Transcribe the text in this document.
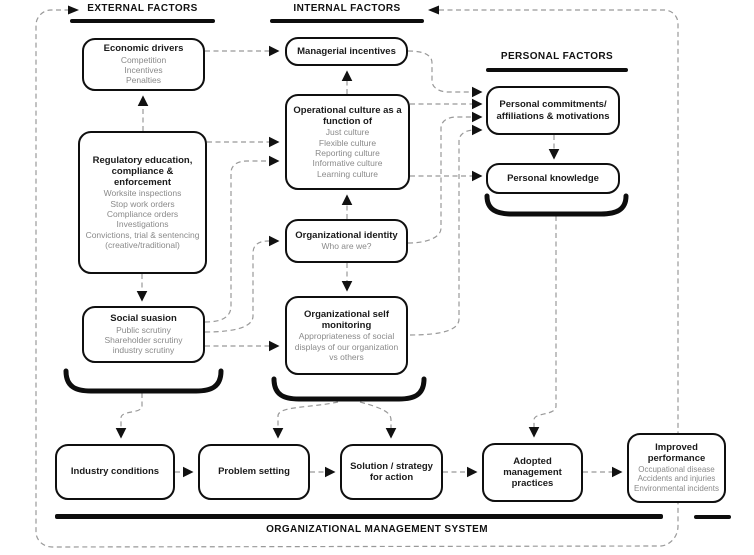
EXTERNAL FACTORS	INTERNAL FACTORS
PERSONAL FACTORS
Economic drivers
Competition
Incentives
Penalties
Regulatory education, compliance & enforcement
Worksite inspections
Stop work orders
Compliance orders
Investigations
Convictions, trial & sentencing
(creative/traditional)
Social suasion
Public scrutiny
Shareholder scrutiny
industry scrutiny
Managerial incentives
Operational culture as a function of
Just culture
Flexible culture
Reporting culture
Informative culture
Learning culture
Organizational identity
Who are we?
Organizational self monitoring
Appropriateness of social displays of our organization vs others
Personal commitments/ affiliations & motivations
Personal knowledge
Industry conditions	Problem setting
Solution / strategy for action
Adopted management practices
Improved performance
Occupational disease
Accidents and injuries
Environmental incidents
ORGANIZATIONAL MANAGEMENT SYSTEM
